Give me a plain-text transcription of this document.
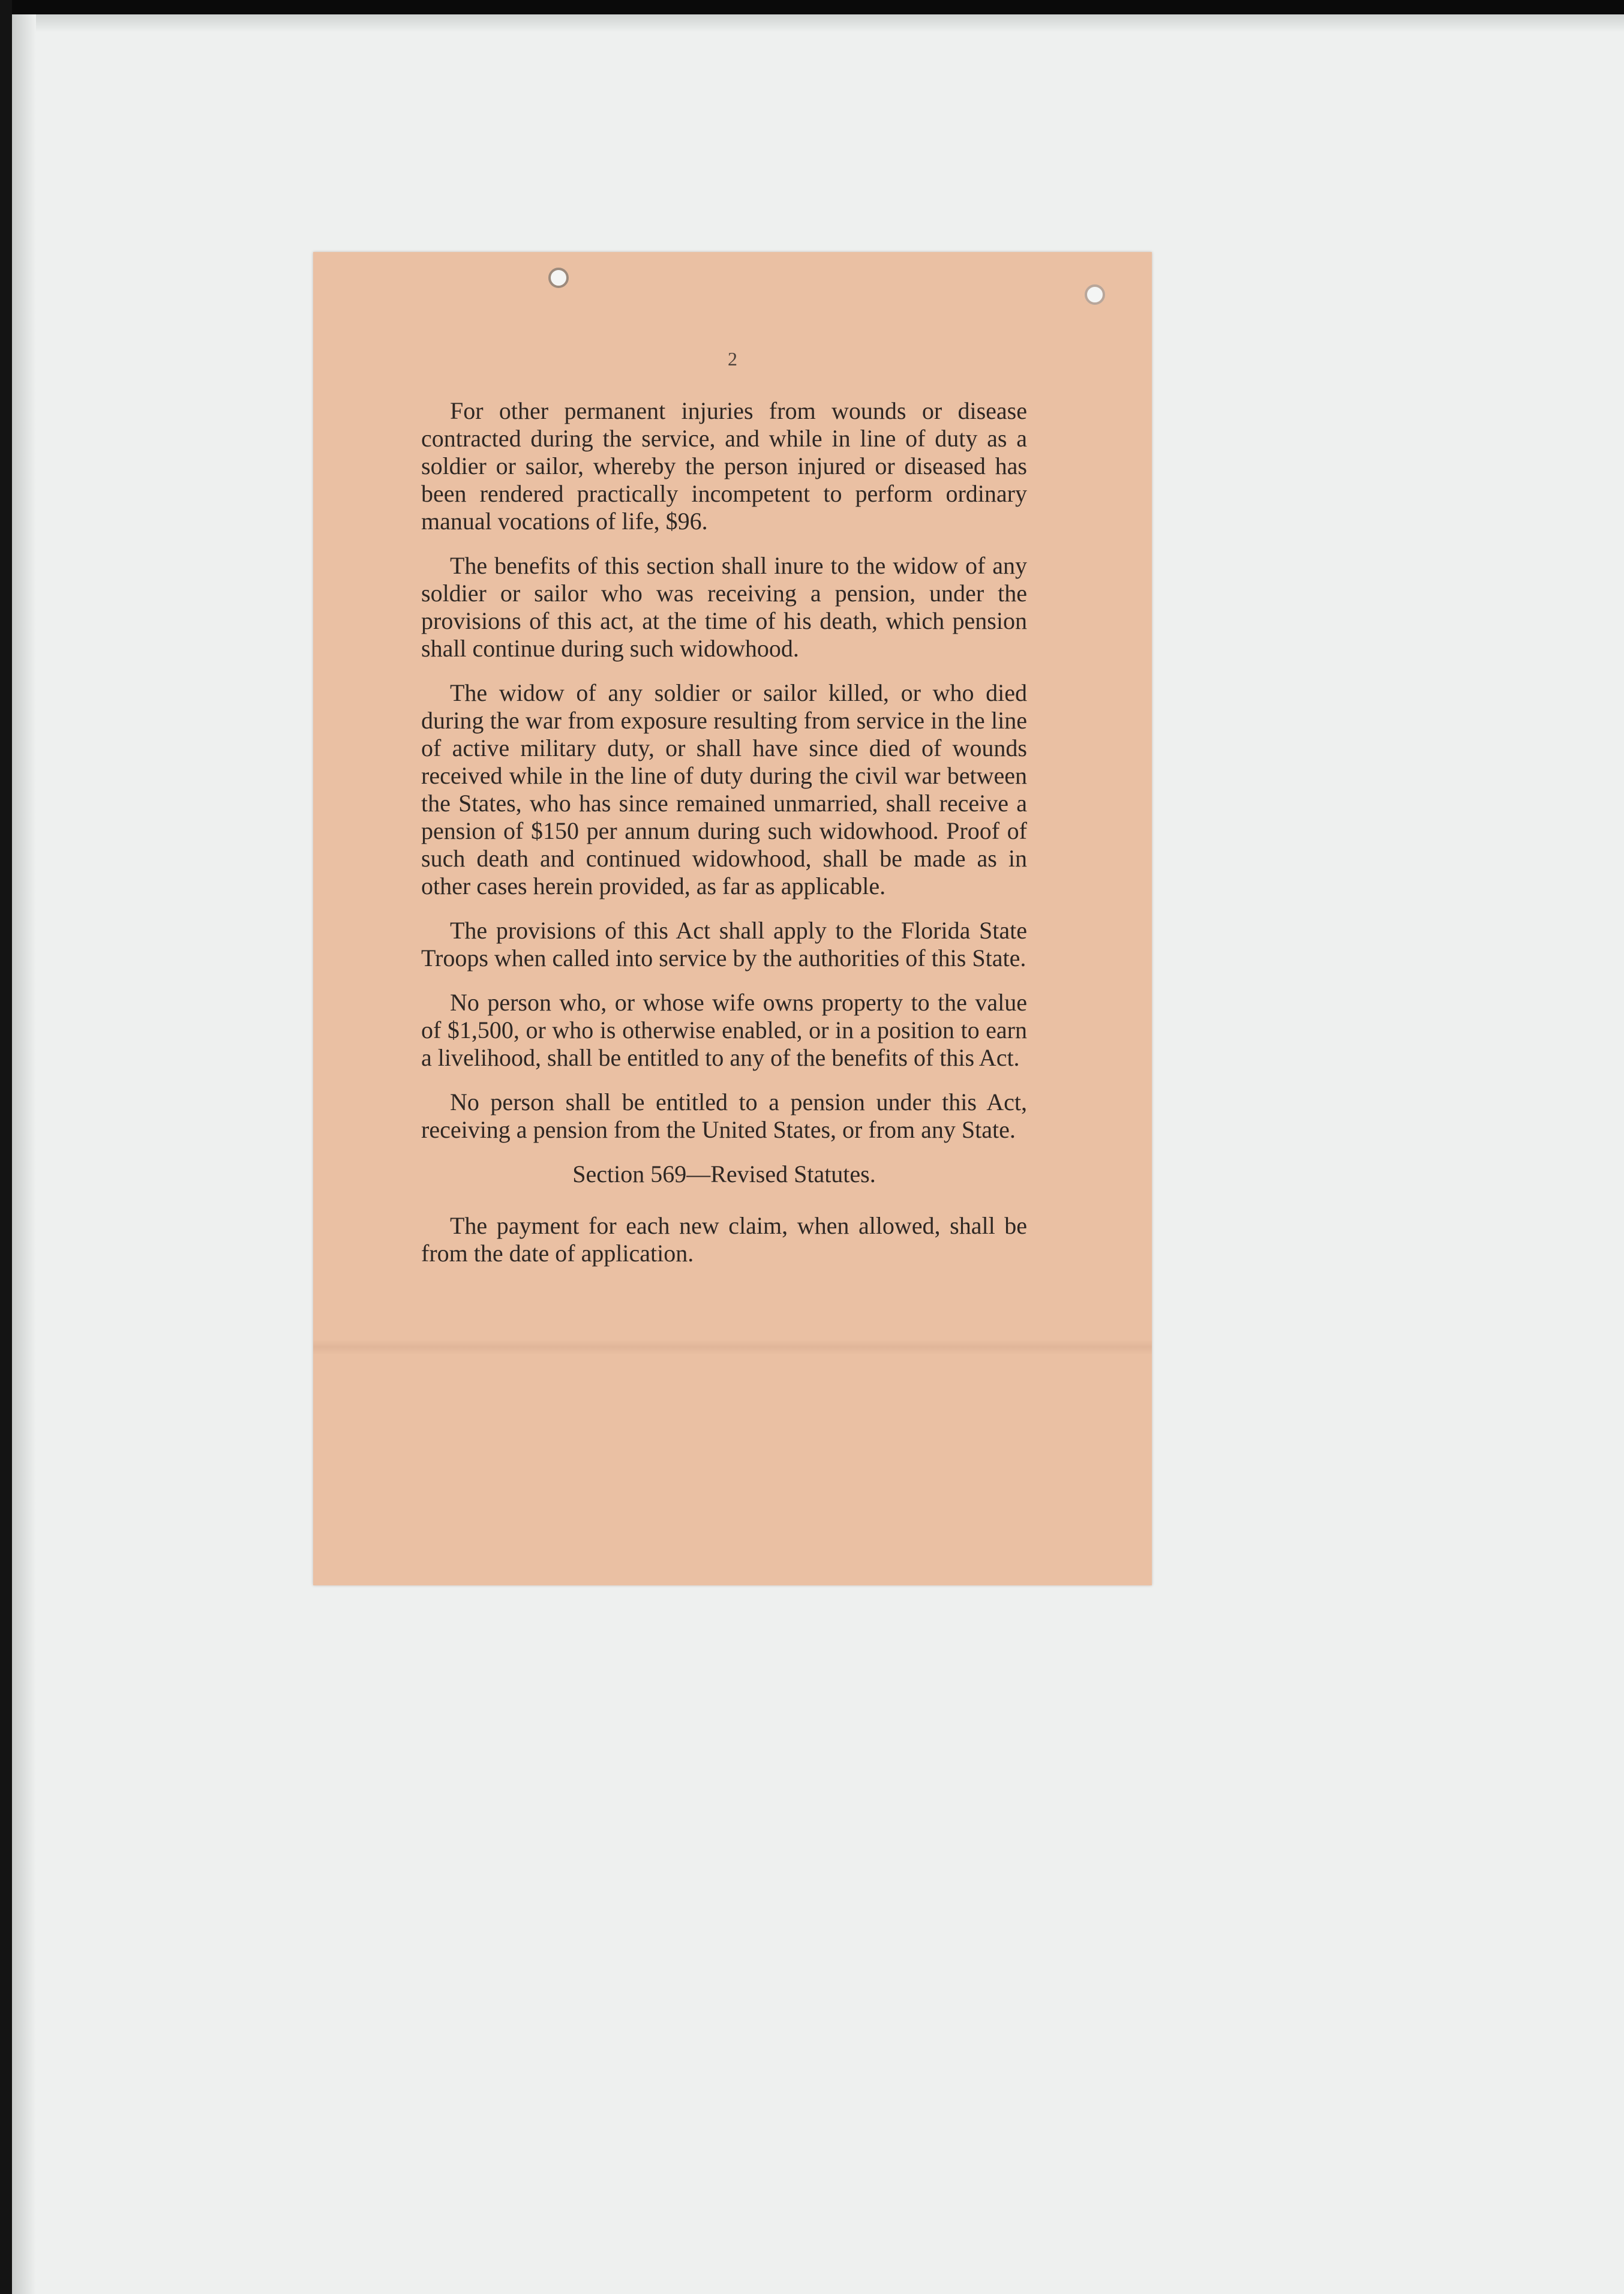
2

For other permanent injuries from wounds or disease contracted during the service, and while in line of duty as a soldier or sailor, whereby the person injured or diseased has been rendered practically incompetent to perform ordinary manual vocations of life, $96.

The benefits of this section shall inure to the widow of any soldier or sailor who was receiving a pension, under the provisions of this act, at the time of his death, which pension shall continue during such widowhood.

The widow of any soldier or sailor killed, or who died during the war from exposure resulting from service in the line of active military duty, or shall have since died of wounds received while in the line of duty during the civil war between the States, who has since remained unmarried, shall receive a pension of $150 per annum during such widowhood. Proof of such death and continued widowhood, shall be made as in other cases herein provided, as far as applicable.

The provisions of this Act shall apply to the Florida State Troops when called into service by the authorities of this State.

No person who, or whose wife owns property to the value of $1,500, or who is otherwise enabled, or in a position to earn a livelihood, shall be entitled to any of the benefits of this Act.

No person shall be entitled to a pension under this Act, receiving a pension from the United States, or from any State.

Section 569—Revised Statutes.

The payment for each new claim, when allowed, shall be from the date of application.
